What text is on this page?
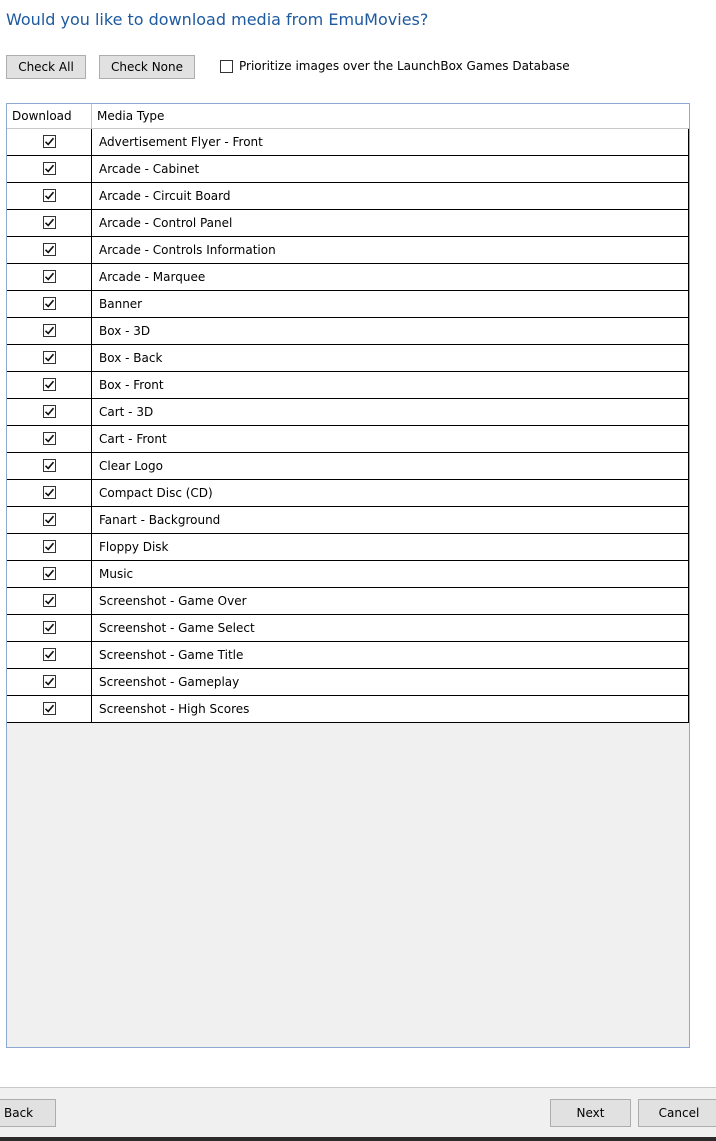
Would you like to download media from EmuMovies?
Check All	Check None	Prioritize images over the LaunchBox Games Database
Download	Media Type
Advertisement Flyer - Front
Arcade - Cabinet
Arcade - Circuit Board
Arcade - Control Panel
Arcade - Controls Information
Arcade - Marquee
Banner
Box - 3D
Box - Back
Box - Front
Cart - 3D
Cart - Front
Clear Logo
Compact Disc (CD)
Fanart - Background
Floppy Disk
Music
Screenshot - Game Over
Screenshot - Game Select
Screenshot - Game Title
Screenshot - Gameplay
Screenshot - High Scores
Back	Next	Cancel
